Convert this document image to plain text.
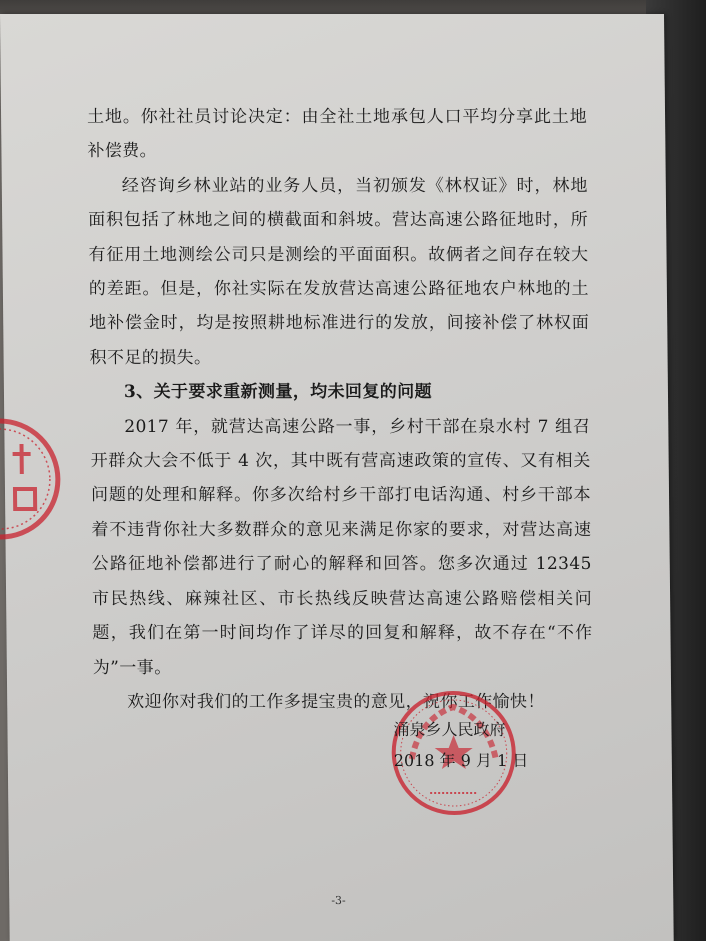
土地。你社社员讨论决定：由全社土地承包人口平均分享此土地补偿费。

经咨询乡林业站的业务人员，当初颁发《林权证》时，林地面积包括了林地之间的横截面和斜坡。营达高速公路征地时，所有征用土地测绘公司只是测绘的平面面积。故俩者之间存在较大的差距。但是，你社实际在发放营达高速公路征地农户林地的土地补偿金时，均是按照耕地标准进行的发放，间接补偿了林权面积不足的损失。

3、关于要求重新测量，均未回复的问题

2017 年，就营达高速公路一事，乡村干部在泉水村 7 组召开群众大会不低于 4 次，其中既有营高速政策的宣传、又有相关问题的处理和解释。你多次给村乡干部打电话沟通、村乡干部本着不违背你社大多数群众的意见来满足你家的要求，对营达高速公路征地补偿都进行了耐心的解释和回答。您多次通过 12345 市民热线、麻辣社区、市长热线反映营达高速公路赔偿相关问题，我们在第一时间均作了详尽的回复和解释，故不存在“不作为”一事。

欢迎你对我们的工作多提宝贵的意见，祝你工作愉快！

涌泉乡人民政府
2018 年 9 月 1 日
-3-
